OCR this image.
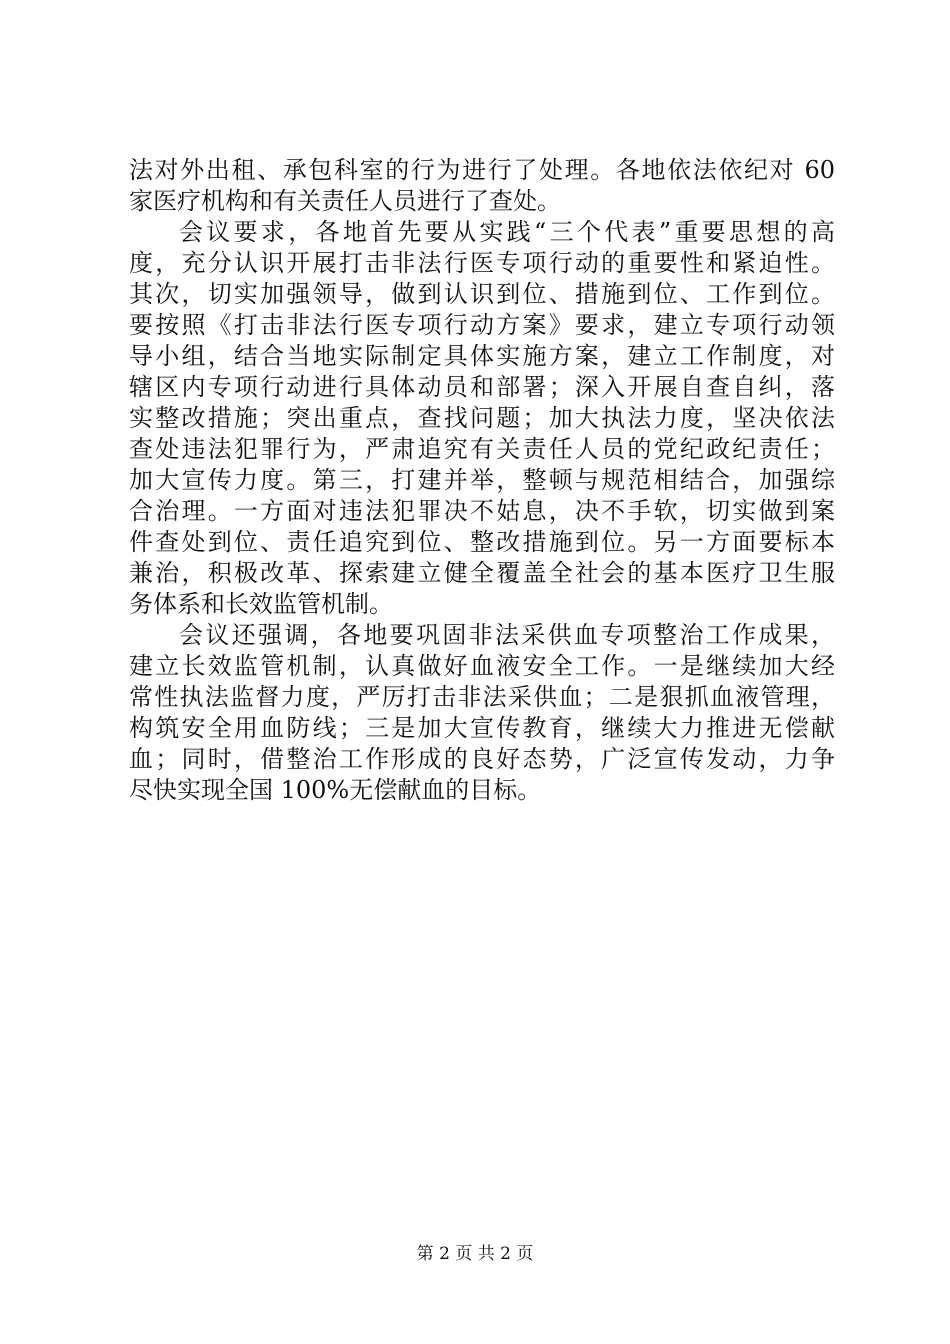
法对外出租、承包科室的行为进行了处理。各地依法依纪对 60
家医疗机构和有关责任人员进行了查处。
会议要求，各地首先要从实践“三个代表”重要思想的高
度，充分认识开展打击非法行医专项行动的重要性和紧迫性。
其次，切实加强领导，做到认识到位、措施到位、工作到位。
要按照《打击非法行医专项行动方案》要求，建立专项行动领
导小组，结合当地实际制定具体实施方案，建立工作制度，对
辖区内专项行动进行具体动员和部署；深入开展自查自纠，落
实整改措施；突出重点，查找问题；加大执法力度，坚决依法
查处违法犯罪行为，严肃追究有关责任人员的党纪政纪责任；
加大宣传力度。第三，打建并举，整顿与规范相结合，加强综
合治理。一方面对违法犯罪决不姑息，决不手软，切实做到案
件查处到位、责任追究到位、整改措施到位。另一方面要标本
兼治，积极改革、探索建立健全覆盖全社会的基本医疗卫生服
务体系和长效监管机制。
会议还强调，各地要巩固非法采供血专项整治工作成果，
建立长效监管机制，认真做好血液安全工作。一是继续加大经
常性执法监督力度，严厉打击非法采供血；二是狠抓血液管理，
构筑安全用血防线；三是加大宣传教育，继续大力推进无偿献
血；同时，借整治工作形成的良好态势，广泛宣传发动，力争
尽快实现全国 100%无偿献血的目标。
第 2 页 共 2 页
